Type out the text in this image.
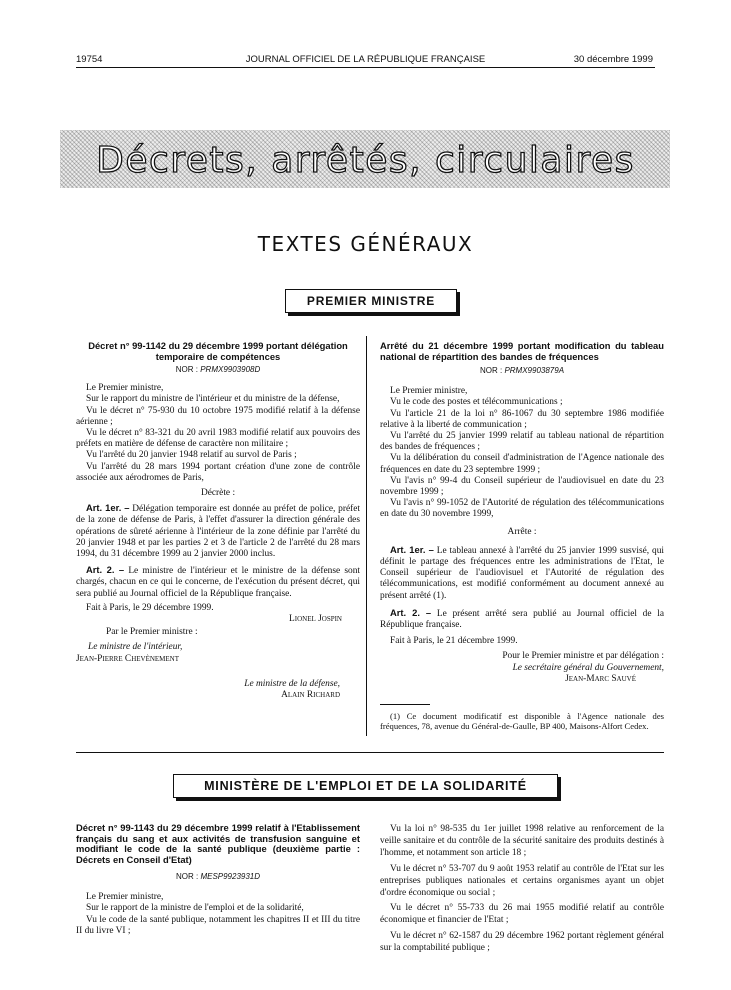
19754	JOURNAL OFFICIEL DE LA RÉPUBLIQUE FRANÇAISE	30 décembre 1999
Décrets, arrêtés, circulaires
TEXTES GÉNÉRAUX
PREMIER MINISTRE
Décret n° 99-1142 du 29 décembre 1999 portant délégation temporaire de compétences
NOR : PRMX9903908D

Le Premier ministre,

Sur le rapport du ministre de l'intérieur et du ministre de la défense,

Vu le décret n° 75-930 du 10 octobre 1975 modifié relatif à la défense aérienne ;

Vu le décret n° 83-321 du 20 avril 1983 modifié relatif aux pouvoirs des préfets en matière de défense de caractère non militaire ;

Vu l'arrêté du 20 janvier 1948 relatif au survol de Paris ;

Vu l'arrêté du 28 mars 1994 portant création d'une zone de contrôle associée aux aérodromes de Paris,

Décrète :

Art. 1er. – Délégation temporaire est donnée au préfet de police, préfet de la zone de défense de Paris, à l'effet d'assurer la direction générale des opérations de sûreté aérienne à l'intérieur de la zone définie par l'arrêté du 20 janvier 1948 et par les parties 2 et 3 de l'article 2 de l'arrêté du 28 mars 1994, du 31 décembre 1999 au 2 janvier 2000 inclus.

Art. 2. – Le ministre de l'intérieur et le ministre de la défense sont chargés, chacun en ce qui le concerne, de l'exécution du présent décret, qui sera publié au Journal officiel de la République française.

Fait à Paris, le 29 décembre 1999.

Lionel Jospin
Par le Premier ministre :
Le ministre de l'intérieur,
Jean-Pierre Chevènement
Le ministre de la défense,
Alain Richard
Arrêté du 21 décembre 1999 portant modification du tableau national de répartition des bandes de fréquences
NOR : PRMX9903879A

Le Premier ministre,

Vu le code des postes et télécommunications ;

Vu l'article 21 de la loi n° 86-1067 du 30 septembre 1986 modifiée relative à la liberté de communication ;

Vu l'arrêté du 25 janvier 1999 relatif au tableau national de répartition des bandes de fréquences ;

Vu la délibération du conseil d'administration de l'Agence nationale des fréquences en date du 23 septembre 1999 ;

Vu l'avis n° 99-4 du Conseil supérieur de l'audiovisuel en date du 23 novembre 1999 ;

Vu l'avis n° 99-1052 de l'Autorité de régulation des télécommunications en date du 30 novembre 1999,

Arrête :

Art. 1er. – Le tableau annexé à l'arrêté du 25 janvier 1999 susvisé, qui définit le partage des fréquences entre les administrations de l'Etat, le Conseil supérieur de l'audiovisuel et l'Autorité de régulation des télécommunications, est modifié conformément au document annexé au présent arrêté (1).

Art. 2. – Le présent arrêté sera publié au Journal officiel de la République française.

Fait à Paris, le 21 décembre 1999.

Pour le Premier ministre et par délégation :
Le secrétaire général du Gouvernement,
Jean-Marc Sauvé
(1) Ce document modificatif est disponible à l'Agence nationale des fréquences, 78, avenue du Général-de-Gaulle, BP 400, Maisons-Alfort Cedex.
MINISTÈRE DE L'EMPLOI ET DE LA SOLIDARITÉ
Décret n° 99-1143 du 29 décembre 1999 relatif à l'Etablissement français du sang et aux activités de transfusion sanguine et modifiant le code de la santé publique (deuxième partie : Décrets en Conseil d'Etat)
NOR : MESP9923931D

Le Premier ministre,

Sur le rapport de la ministre de l'emploi et de la solidarité,

Vu le code de la santé publique, notamment les chapitres II et III du titre II du livre VI ;

Vu la loi n° 98-535 du 1er juillet 1998 relative au renforcement de la veille sanitaire et du contrôle de la sécurité sanitaire des produits destinés à l'homme, et notamment son article 18 ;

Vu le décret n° 53-707 du 9 août 1953 relatif au contrôle de l'Etat sur les entreprises publiques nationales et certains organismes ayant un objet d'ordre économique ou social ;

Vu le décret n° 55-733 du 26 mai 1955 modifié relatif au contrôle économique et financier de l'Etat ;

Vu le décret n° 62-1587 du 29 décembre 1962 portant règlement général sur la comptabilité publique ;
